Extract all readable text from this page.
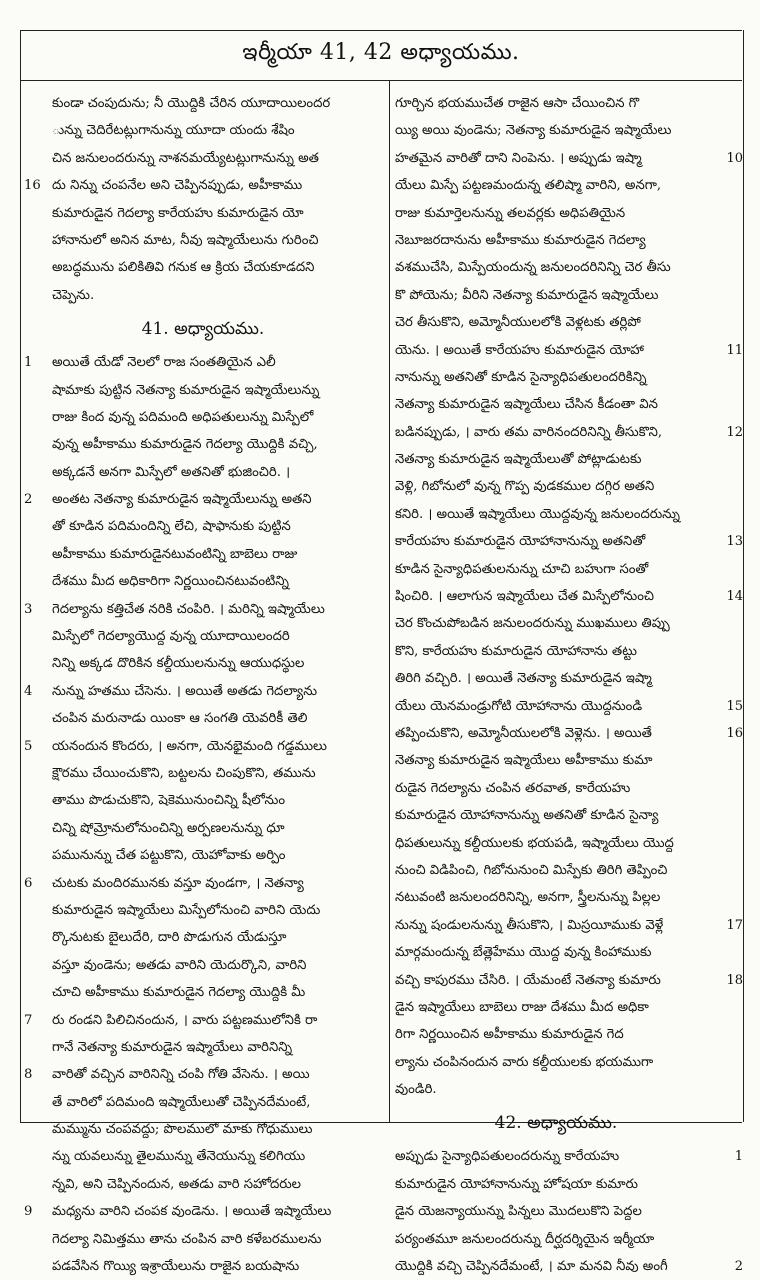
ఇర్మీయా 41, 42 అధ్యాయము.
కుండా చంపుదును; నీ యొద్దికి చేరిన యూదాయిలందర
ున్ను చెదిరేటట్లుగానున్ను యూదా యందు శేషిం
చిన జనులందరున్ను నాశనమయ్యేటట్లుగానున్ను అత
16 దు నిన్ను చంపనేల అని చెప్పినప్పుడు, అహీకాము
కుమారుడైన గెదల్యా కారేయహు కుమారుడైన యో
హానానులో అనిన మాట, నీవు ఇష్మాయేలును గురించి
అబద్ధమును పలికితివి గనుక ఆ క్రియ చేయకూడదని
చెప్పెను.
41. అధ్యాయము.
1 అయితే యేడో నెలలో రాజ సంతతియైన ఎలీ
షామాకు పుట్టిన నెతన్యా కుమారుడైన ఇష్మాయేలున్ను
రాజు కింద వున్న పదిమంది అధిపతులున్ను మిస్పేలో
వున్న అహీకాము కుమారుడైన గెదల్యా యొద్దికి వచ్చి,
అక్కడనే అనగా మిస్పేలో అతనితో భుజించిరి. ।
2 అంతట నెతన్యా కుమారుడైన ఇష్మాయేలున్ను అతని
తో కూడిన పదిమందిన్ని లేచి, షాఫానుకు పుట్టిన
అహీకాము కుమారుడైనటువంటిన్ని బాబెలు రాజు
దేశము మీద అధికారిగా నిర్ణయించినటువంటిన్ని
3 గెదల్యాను కత్తిచేత నరికి చంపిరి. । మరిన్ని ఇష్మాయేలు
మిస్పేలో గెదల్యాయొద్ద వున్న యూదాయిలందరి
నిన్ని అక్కడ దొరికిన కల్దీయులనున్ను ఆయుధస్థుల
4 నున్ను హతము చేసెను. । అయితే అతడు గెదల్యాను
చంపిన మరునాడు యింకా ఆ సంగతి యెవరికీ తెలి
5 యనందున కొందరు, । అనగా, యెనభైమంది గడ్డములు
క్షౌరము చేయించుకొని, బట్టలను చింపుకొని, తమును
తాము పొడుచుకొని, షెకెమునుంచిన్ని షీలోనుం
చిన్ని షోమ్రోనులోనుంచిన్ని అర్పణలనున్ను ధూ
పమునున్ను చేత పట్టుకొని, యెహోవాకు అర్పిం
6 చుటకు మందిరమునకు వస్తూ వుండగా, । నెతన్యా
కుమారుడైన ఇష్మాయేలు మిస్పేలోనుంచి వారిని యెదు
ర్కొనుటకు బైలుదేరి, దారి పొడుగున యేడుస్తూ
వస్తూ వుండెను; అతడు వారిని యెదుర్కొని, వారిని
చూచి అహీకాము కుమారుడైన గెదల్యా యొద్దికి మీ
7 రు రండని పిలిచినందున, । వారు పట్టణములోనికి రా
గానే నెతన్యా కుమారుడైన ఇష్మాయేలు వారినిన్ని
8 వారితో వచ్చిన వారినిన్ని చంపి గోతి వేసెను. । అయి
తే వారిలో పదిమంది ఇష్మాయేలుతో చెప్పినదేమంటే,
మమ్మును చంపవద్దు; పొలములో మాకు గోధుములు
న్ను యవలున్ను తైలమున్ను తేనెయున్ను కలిగియు
న్నవి, అని చెప్పినందున, అతడు వారి సహోదరుల
9 మధ్యను వారిని చంపక వుండెను. । అయితే ఇష్మాయేలు
గెదల్యా నిమిత్తము తాను చంపిన వారి కళేబరములను
పడవేసిన గొయ్యి ఇశ్రాయేలును రాజైన బయషాను
గూర్చిన భయముచేత రాజైన ఆసా చేయించిన గొ
య్యి అయి వుండెను; నెతన్యా కుమారుడైన ఇష్మాయేలు
హతమైన వారితో దాని నింపెను. । అప్పుడు ఇష్మా	10
యేలు మిస్పే పట్టణమందున్న తలిష్మా వారిని, అనగా,
రాజు కుమార్తెలనున్ను తలవర్లకు అధిపతియైన
నెబూజరదానును అహీకాము కుమారుడైన గెదల్యా
వశముచేసి, మిస్పేయందున్న జనులందరినిన్ని చెర తీసు
కొ పోయెను; వీరిని నెతన్యా కుమారుడైన ఇష్మాయేలు
చెర తీసుకొని, అమ్మోనీయులలోకి వెళ్లటకు తర్లిపో
యెను. । అయితే కారేయహు కుమారుడైన యోహా	11
నానున్ను అతనితో కూడిన సైన్యాధిపతులందరికిన్ని
నెతన్యా కుమారుడైన ఇష్మాయేలు చేసిన కీడంతా విన
బడినప్పుడు, । వారు తమ వారినందరినిన్ని తీసుకొని,	12
నెతన్యా కుమారుడైన ఇష్మాయేలుతో పోట్లాడుటకు
వెళ్లి, గిబోనులో వున్న గొప్ప వుడకముల దగ్గిర అతని
కనిరి. । అయితే ఇష్మాయేలు యొద్దవున్న జనులందరున్ను
కారేయహు కుమారుడైన యోహానానున్ను అతనితో	13
కూడిన సైన్యాధిపతులనున్ను చూచి బహుగా సంతో
షించిరి. । ఆలాగున ఇష్మాయేలు చేత మిస్పేలోనుంచి	14
చెర కొంచుపోబడిన జనులందరున్ను ముఖములు తిప్పు
కొని, కారేయహు కుమారుడైన యోహానాను తట్టు
తిరిగి వచ్చిరి. । అయితే నెతన్యా కుమారుడైన ఇష్మా
యేలు యెనమండ్రుగోటి యోహానాను యొద్దనుండి	15
తప్పించుకొని, అమ్మోనీయులలోకి వెళ్లెను. । అయితే	16
నెతన్యా కుమారుడైన ఇష్మాయేలు అహీకాము కుమా
రుడైన గెదల్యాను చంపిన తరవాత, కారేయహు
కుమారుడైన యోహానానున్ను అతనితో కూడిన సైన్యా
ధిపతులున్ను కల్దీయులకు భయపడి, ఇష్మాయేలు యొద్ద
నుంచి విడిపించి, గిబోనునుంచి మిస్పేకు తిరిగి తెప్పించి
నటువంటి జనులందరినిన్ని, అనగా, స్త్రీలనున్ను పిల్లల
నున్ను షండులనున్ను తీసుకొని, । మిస్రయీముకు వెళ్లే	17
మార్గమందున్న బేత్లెహేము యొద్ద వున్న కింహాముకు
వచ్చి కాపురము చేసిరి. । యేమంటే నెతన్యా కుమారు	18
డైన ఇష్మాయేలు బాబెలు రాజు దేశము మీద అధికా
రిగా నిర్ణయించిన అహీకాము కుమారుడైన గెద
ల్యాను చంపినందున వారు కల్దీయులకు భయముగా
వుండిరి.
42. అధ్యాయము.
అప్పుడు సైన్యాధిపతులందరున్ను కారేయహు	1
కుమారుడైన యోహానానున్ను హోషయా కుమారు
డైన యెజన్యాయున్ను పిన్నలు మొదలుకొని పెద్దల
పర్యంతమూ జనులందరున్ను దీర్ఘదర్శియైన ఇర్మీయా
యొద్దికి వచ్చి చెప్పినదేమంటే, । మా మనవి నీవు అంగీ	2
